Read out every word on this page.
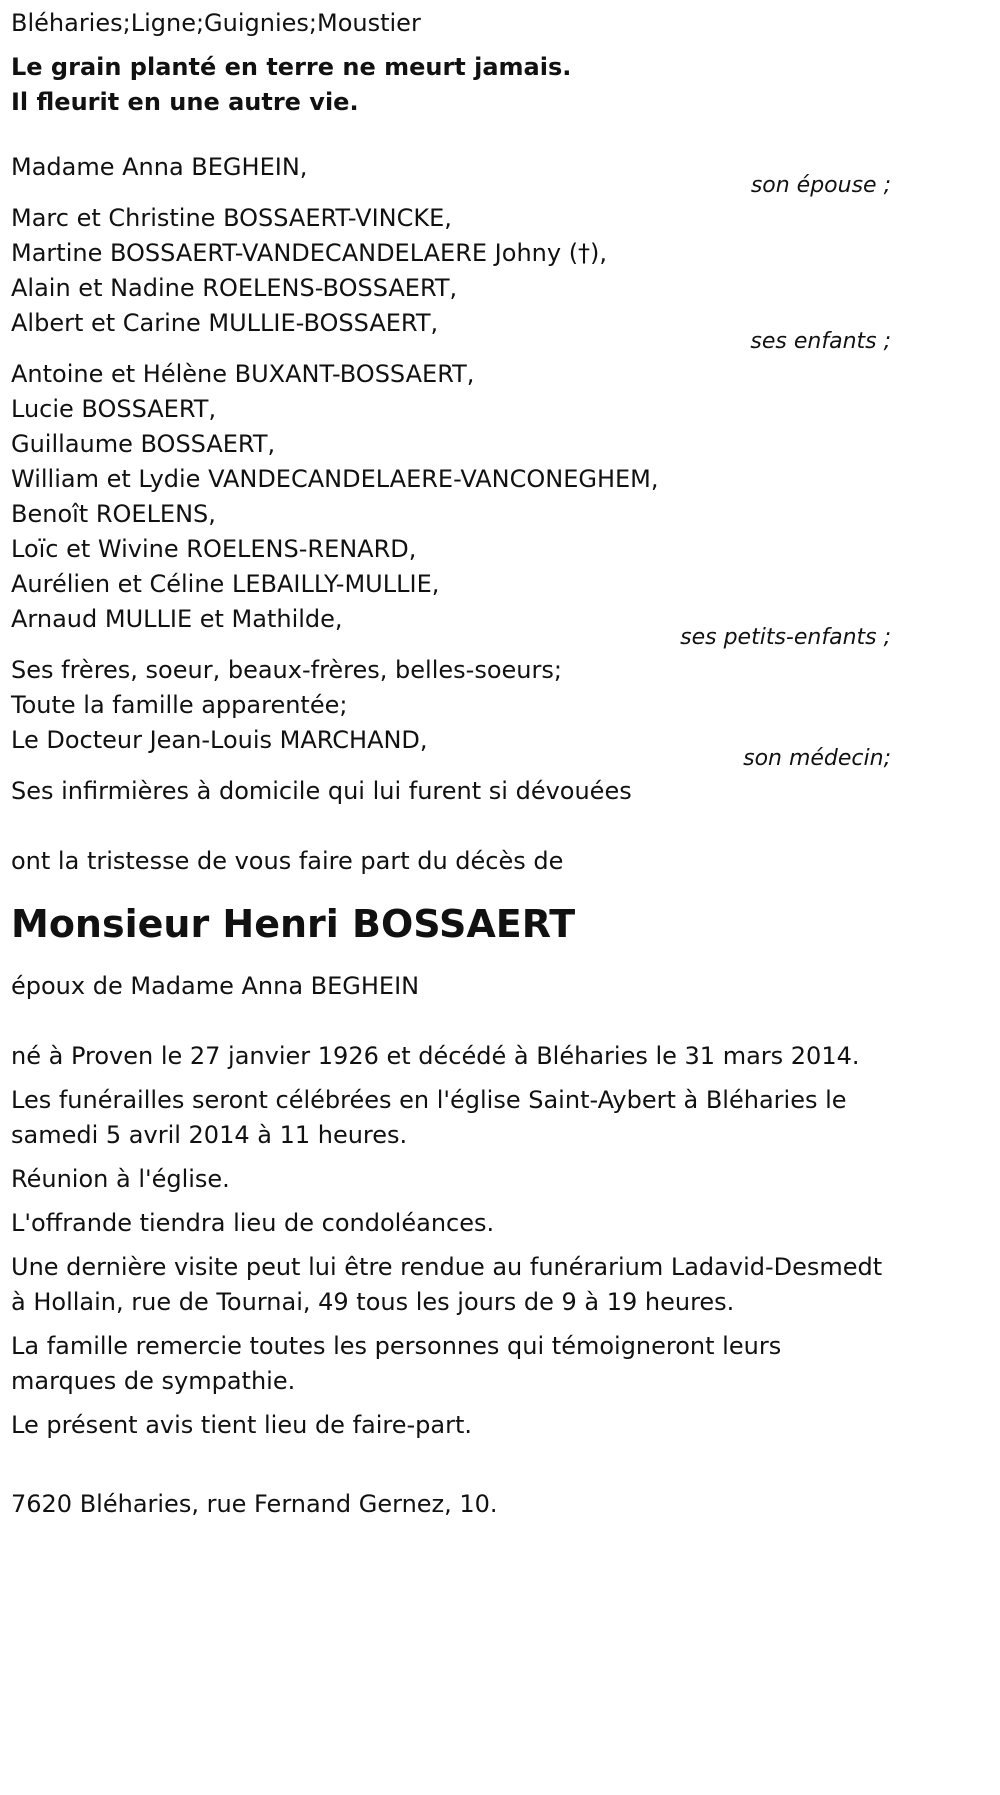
Bléharies;Ligne;Guignies;Moustier

Le grain planté en terre ne meurt jamais.

Il fleurit en une autre vie.

Madame Anna BEGHEIN,

son épouse ;

Marc et Christine BOSSAERT-VINCKE,

Martine BOSSAERT-VANDECANDELAERE Johny (†),

Alain et Nadine ROELENS-BOSSAERT,

Albert et Carine MULLIE-BOSSAERT,

ses enfants ;

Antoine et Hélène BUXANT-BOSSAERT,

Lucie BOSSAERT,

Guillaume BOSSAERT,

William et Lydie VANDECANDELAERE-VANCONEGHEM,

Benoît ROELENS,

Loïc et Wivine ROELENS-RENARD,

Aurélien et Céline LEBAILLY-MULLIE,

Arnaud MULLIE et Mathilde,

ses petits-enfants ;

Ses frères, soeur, beaux-frères, belles-soeurs;

Toute la famille apparentée;

Le Docteur Jean-Louis MARCHAND,

son médecin;

Ses infirmières à domicile qui lui furent si dévouées

ont la tristesse de vous faire part du décès de

Monsieur Henri BOSSAERT

époux de Madame Anna BEGHEIN

né à Proven le 27 janvier 1926 et décédé à Bléharies le 31 mars 2014.

Les funérailles seront célébrées en l'église Saint-Aybert à Bléharies le samedi 5 avril 2014 à 11 heures.

Réunion à l'église.

L'offrande tiendra lieu de condoléances.

Une dernière visite peut lui être rendue au funérarium Ladavid-Desmedt à Hollain, rue de Tournai, 49 tous les jours de 9 à 19 heures.

La famille remercie toutes les personnes qui témoigneront leurs marques de sympathie.

Le présent avis tient lieu de faire-part.

7620 Bléharies, rue Fernand Gernez, 10.
